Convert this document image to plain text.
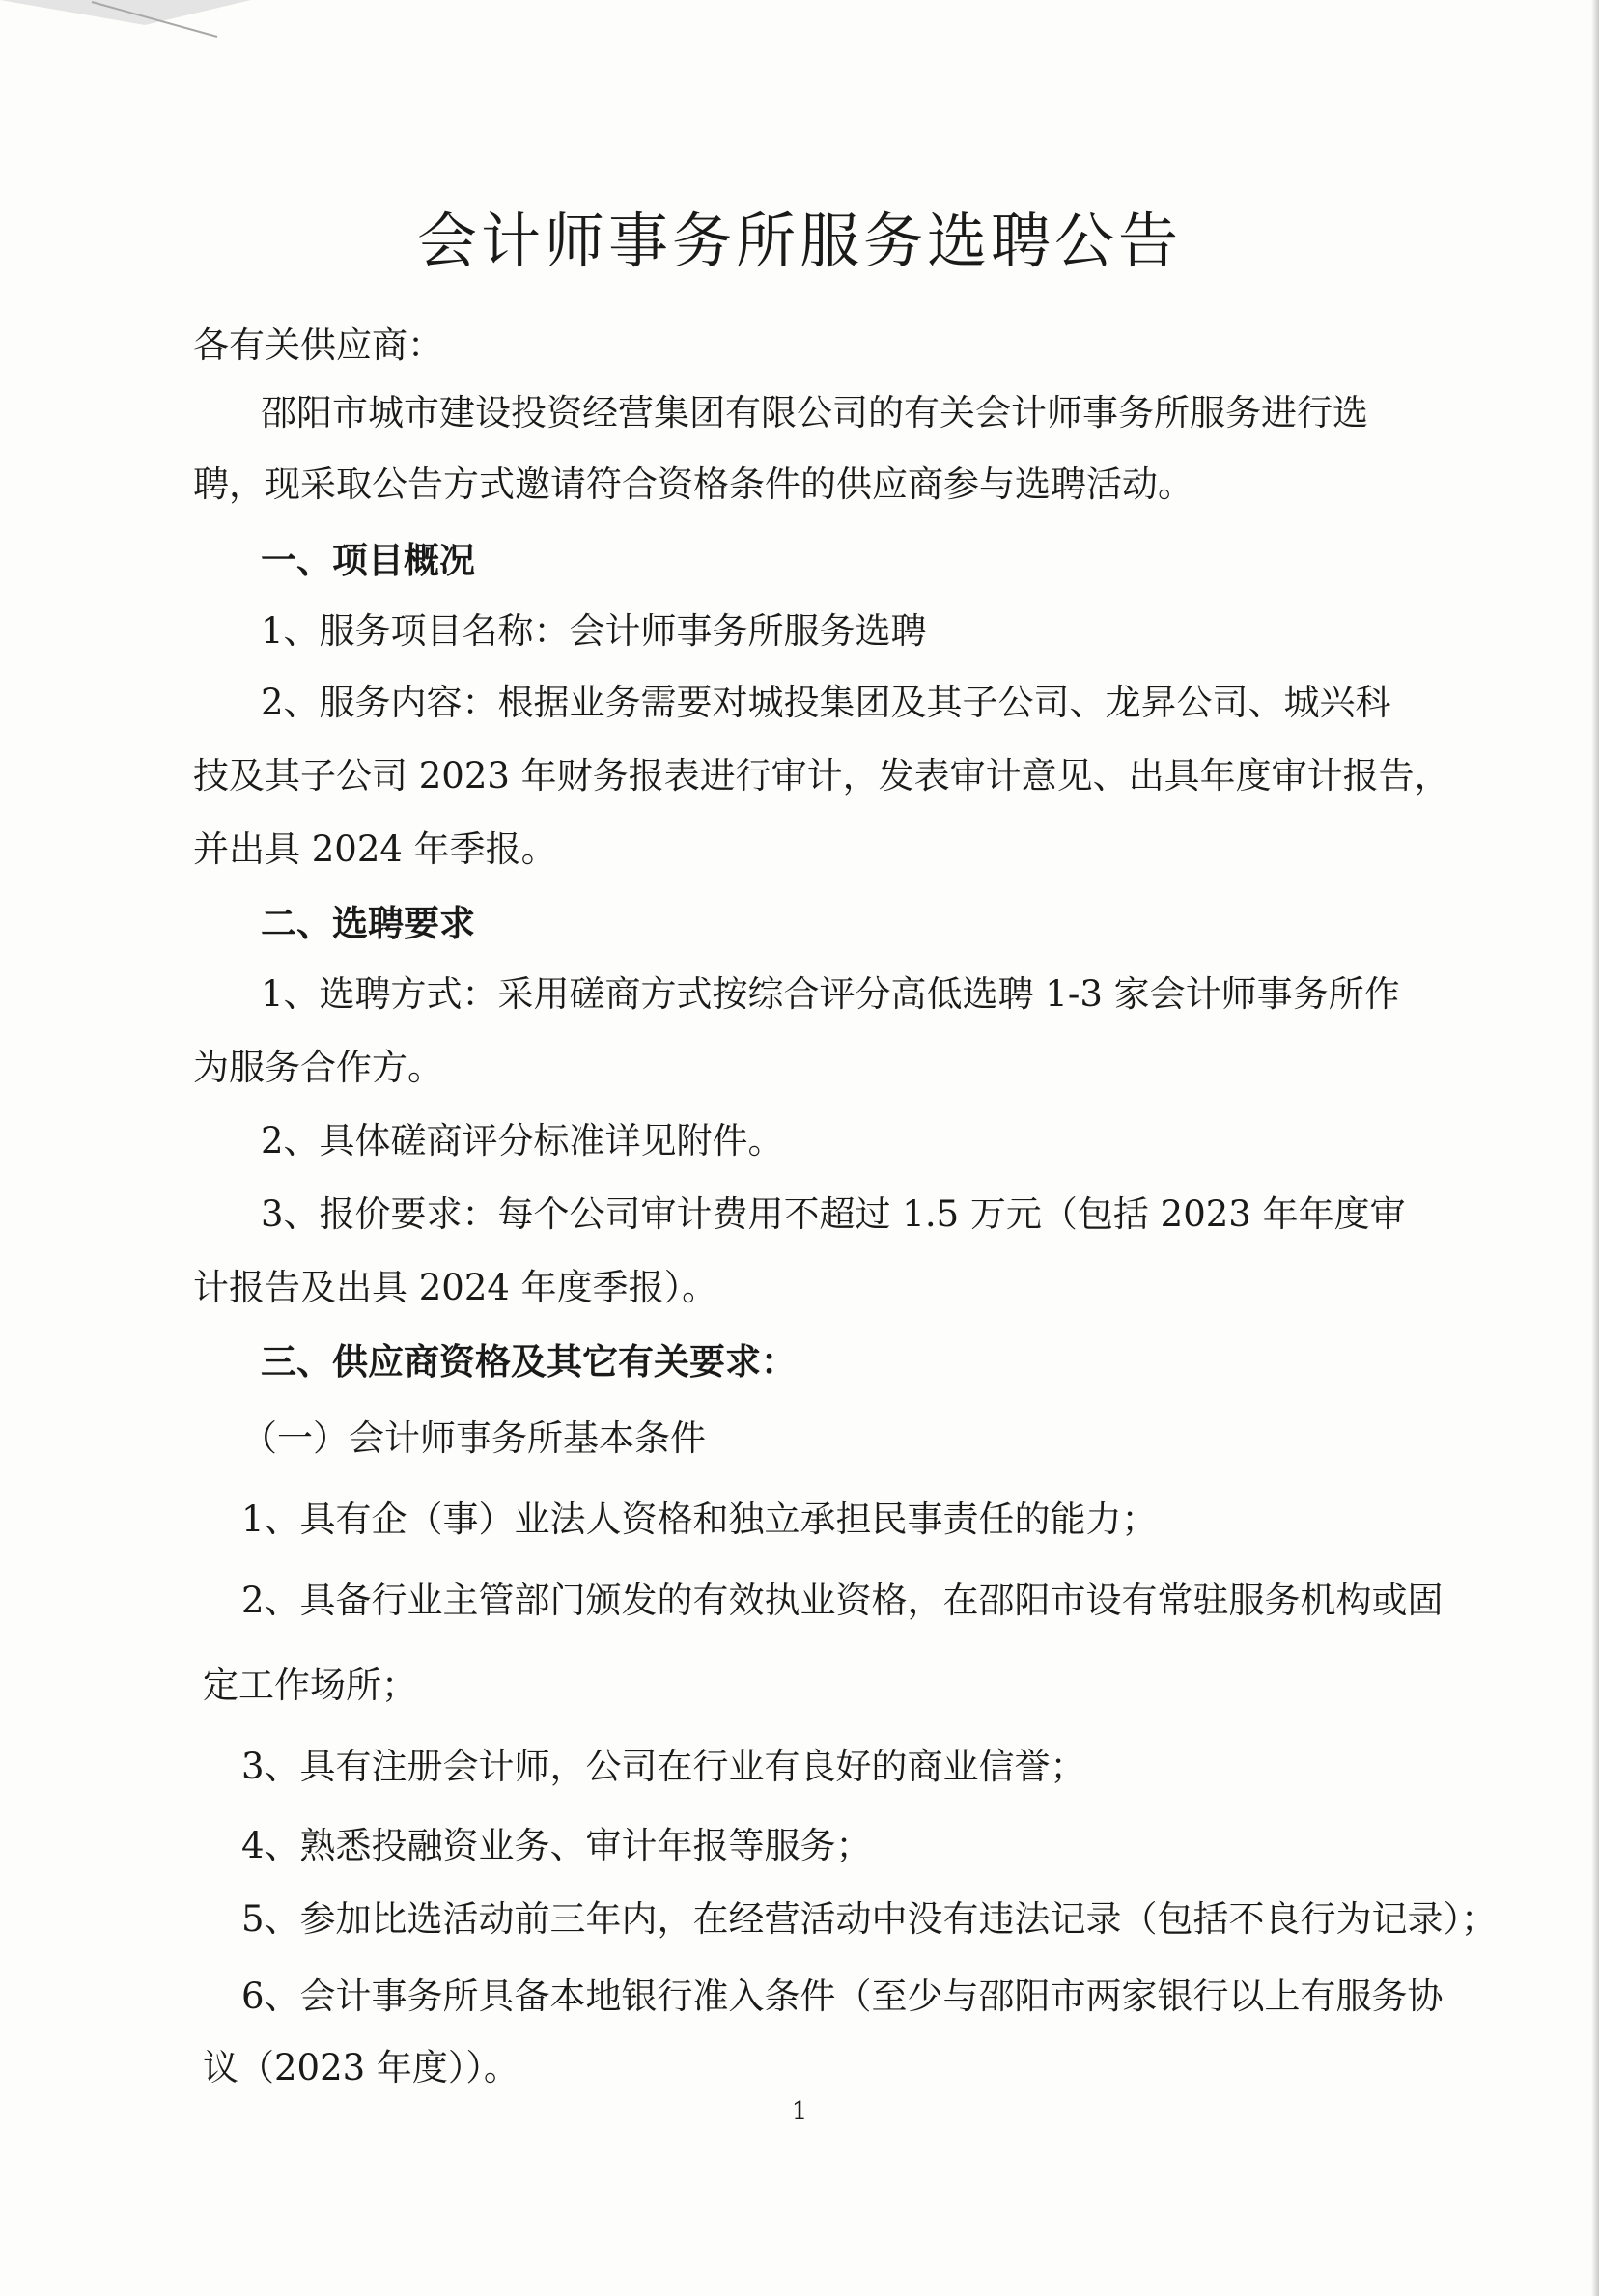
会计师事务所服务选聘公告
各有关供应商：
邵阳市城市建设投资经营集团有限公司的有关会计师事务所服务进行选
聘，现采取公告方式邀请符合资格条件的供应商参与选聘活动。
一、项目概况
1、服务项目名称：会计师事务所服务选聘
2、服务内容：根据业务需要对城投集团及其子公司、龙昇公司、城兴科
技及其子公司 2023 年财务报表进行审计，发表审计意见、出具年度审计报告，
并出具 2024 年季报。
二、选聘要求
1、选聘方式：采用磋商方式按综合评分高低选聘 1-3 家会计师事务所作
为服务合作方。
2、具体磋商评分标准详见附件。
3、报价要求：每个公司审计费用不超过 1.5 万元（包括 2023 年年度审
计报告及出具 2024 年度季报）。
三、供应商资格及其它有关要求：
（一）会计师事务所基本条件
1、具有企（事）业法人资格和独立承担民事责任的能力；
2、具备行业主管部门颁发的有效执业资格，在邵阳市设有常驻服务机构或固
定工作场所；
3、具有注册会计师，公司在行业有良好的商业信誉；
4、熟悉投融资业务、审计年报等服务；
5、参加比选活动前三年内，在经营活动中没有违法记录（包括不良行为记录）；
6、会计事务所具备本地银行准入条件（至少与邵阳市两家银行以上有服务协
议（2023 年度））。
1
